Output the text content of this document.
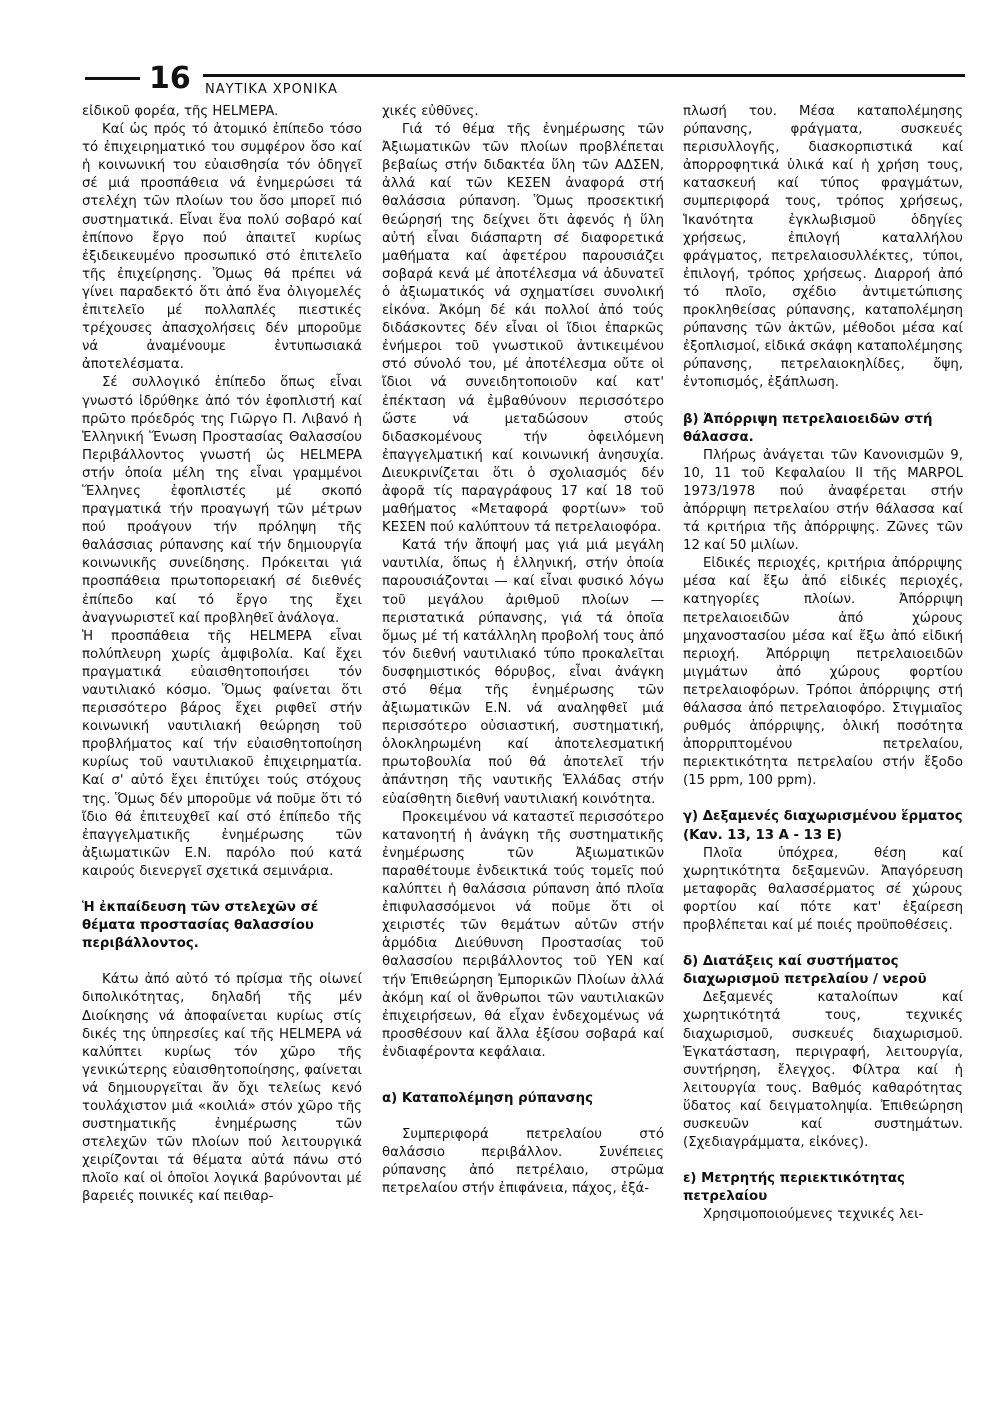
16 ΝΑΥΤΙΚΑ ΧΡΟΝΙΚΑ

εἰδικοῦ φορέα, τῆς HELMEPA.

Καί ὡς πρός τό ἀτομικό ἐπίπεδο τόσο τό ἐπιχειρηματικό του συμφέρον ὅσο καί ἡ κοινωνική του εὐαισθησία τόν ὁδηγεῖ σέ μιά προσπάθεια νά ἐνημερώσει τά στελέχη τῶν πλοίων του ὅσο μπορεῖ πιό συστηματικά. Εἶναι ἕνα πολύ σοβαρό καί ἐπίπονο ἔργο πού ἀπαιτεῖ κυρίως ἐξιδεικευμένο προσωπικό στό ἐπιτελεῖο τῆς ἐπιχείρησης. Ὅμως θά πρέπει νά γίνει παραδεκτό ὅτι ἀπό ἕνα ὀλιγομελές ἐπιτελεῖο μέ πολλαπλές πιεστικές τρέχουσες ἀπασχολήσεις δέν μποροῦμε νά ἀναμένουμε ἐντυπωσιακά ἀποτελέσματα.

Σέ συλλογικό ἐπίπεδο ὅπως εἶναι γνωστό ἱδρύθηκε ἀπό τόν ἐφοπλιστή καί πρῶτο πρόεδρός της Γιῶργο Π. Λιβανό ἡ Ἑλληνική Ἕνωση Προστασίας Θαλασσίου Περιβάλλοντος γνωστή ὡς HELMEPA στήν ὁποία μέλη της εἶναι γραμμένοι Ἕλληνες ἐφοπλιστές μέ σκοπό πραγματικά τήν προαγωγή τῶν μέτρων πού προάγουν τήν πρόληψη τῆς θαλάσσιας ρύπανσης καί τήν δημιουργία κοινωνικῆς συνείδησης. Πρόκειται γιά προσπάθεια πρωτοπορειακή σέ διεθνές ἐπίπεδο καί τό ἔργο της ἔχει ἀναγνωριστεῖ καί προβληθεῖ ἀνάλογα.

Ἡ προσπάθεια τῆς HELMEPA εἶναι πολύπλευρη χωρίς ἀμφιβολία. Καί ἔχει πραγματικά εὐαισθητοποιήσει τόν ναυτιλιακό κόσμο. Ὅμως φαίνεται ὅτι περισσότερο βάρος ἔχει ριφθεῖ στήν κοινωνική ναυτιλιακή θεώρηση τοῦ προβλήματος καί τήν εὐαισθητοποίηση κυρίως τοῦ ναυτιλιακοῦ ἐπιχειρηματία. Καί σ' αὐτό ἔχει ἐπιτύχει τούς στόχους της. Ὅμως δέν μποροῦμε νά ποῦμε ὅτι τό ἴδιο θά ἐπιτευχθεῖ καί στό ἐπίπεδο τῆς ἐπαγγελματικῆς ἐνημέρωσης τῶν ἀξιωματικῶν Ε.Ν. παρόλο πού κατά καιρούς διενεργεῖ σχετικά σεμινάρια.

Ἡ ἐκπαίδευση τῶν στελεχῶν σέ θέματα προστασίας θαλασσίου περιβάλλοντος.

Κάτω ἀπό αὐτό τό πρίσμα τῆς οἰωνεί διπολικότητας, δηλαδή τῆς μέν Διοίκησης νά ἀποφαίνεται κυρίως στίς δικές της ὑπηρεσίες καί τῆς HELMEPA νά καλύπτει κυρίως τόν χῶρο τῆς γενικώτερης εὐαισθητοποίησης, φαίνεται νά δημιουργεῖται ἄν ὄχι τελείως κενό τουλάχιστον μιά «κοιλιά» στόν χῶρο τῆς συστηματικῆς ἐνημέρωσης τῶν στελεχῶν τῶν πλοίων πού λειτουργικά χειρίζονται τά θέματα αὐτά πάνω στό πλοῖο καί οἱ ὁποῖοι λογικά βαρύνονται μέ βαρειές ποινικές καί πειθαρ-

χικές εὐθῦνες.

Γιά τό θέμα τῆς ἐνημέρωσης τῶν Ἀξιωματικῶν τῶν πλοίων προβλέπεται βεβαίως στήν διδακτέα ὕλη τῶν ΑΔΣΕΝ, ἀλλά καί τῶν ΚΕΣΕΝ ἀναφορά στή θαλάσσια ρύπανση. Ὅμως προσεκτική θεώρησή της δείχνει ὅτι ἀφενός ἡ ὕλη αὐτή εἶναι διάσπαρτη σέ διαφορετικά μαθήματα καί ἀφετέρου παρουσιάζει σοβαρά κενά μέ ἀποτέλεσμα νά ἀδυνατεῖ ὁ ἀξιωματικός νά σχηματίσει συνολική εἰκόνα. Ἀκόμη δέ κάι πολλοί ἀπό τούς διδάσκοντες δέν εἶναι οἱ ἴδιοι ἐπαρκῶς ἐνήμεροι τοῦ γνωστικοῦ ἀντικειμένου στό σύνολό του, μέ ἀποτέλεσμα οὔτε οἱ ἴδιοι νά συνειδητοποιοῦν καί κατ' ἐπέκταση νά ἐμβαθύνουν περισσότερο ὥστε νά μεταδώσουν στούς διδασκομένους τήν ὀφειλόμενη ἐπαγγελματική καί κοινωνική ἀνησυχία. Διευκρινίζεται ὅτι ὁ σχολιασμός δέν ἀφορᾶ τίς παραγράφους 17 καί 18 τοῦ μαθήματος «Μεταφορά φορτίων» τοῦ ΚΕΣΕΝ πού καλύπτουν τά πετρελαιοφόρα.

Κατά τήν ἄποψή μας γιά μιά μεγάλη ναυτιλία, ὅπως ἡ ἑλληνική, στήν ὁποία παρουσιάζονται — καί εἶναι φυσικό λόγω τοῦ μεγάλου ἀριθμοῦ πλοίων — περιστατικά ρύπανσης, γιά τά ὁποῖα ὅμως μέ τή κατάλληλη προβολή τους ἀπό τόν διεθνή ναυτιλιακό τύπο προκαλεῖται δυσφημιστικός θόρυβος, εἶναι ἀνάγκη στό θέμα τῆς ἐνημέρωσης τῶν ἀξιωματικῶν Ε.Ν. νά αναληφθεῖ μιά περισσότερο οὐσιαστική, συστηματική, ὁλοκληρωμένη καί ἀποτελεσματική πρωτοβουλία πού θά ἀποτελεῖ τήν ἀπάντηση τῆς ναυτικῆς Ἑλλάδας στήν εὐαίσθητη διεθνή ναυτιλιακή κοινότητα.

Προκειμένου νά καταστεῖ περισσότερο κατανοητή ἡ ἀνάγκη τῆς συστηματικῆς ἐνημέρωσης τῶν Ἀξιωματικῶν παραθέτουμε ἐνδεικτικά τούς τομεῖς πού καλύπτει ἡ θαλάσσια ρύπανση ἀπό πλοῖα ἐπιφυλασσόμενοι νά ποῦμε ὅτι οἱ χειριστές τῶν θεμάτων αὐτῶν στήν ἁρμόδια Διεύθυνση Προστασίας τοῦ θαλασσίου περιβάλλοντος τοῦ ΥΕΝ καί τήν Ἐπιθεώρηση Ἐμπορικῶν Πλοίων ἀλλά ἀκόμη καί οἱ ἄνθρωποι τῶν ναυτιλιακῶν ἐπιχειρήσεων, θά εἶχαν ἐνδεχομένως νά προσθέσουν καί ἄλλα ἐξίσου σοβαρά καί ἐνδιαφέροντα κεφάλαια.

α) Καταπολέμηση ρύπανσης

Συμπεριφορά πετρελαίου στό θαλάσσιο περιβάλλον. Συνέπειες ρύπανσης ἀπό πετρέλαιο, στρῶμα πετρελαίου στήν ἐπιφάνεια, πάχος, ἐξά-

πλωσή του. Μέσα καταπολέμησης ρύπανσης, φράγματα, συσκευές περισυλλογῆς, διασκορπιστικά καί ἀπορροφητικά ὑλικά καί ἡ χρήση τους, κατασκευή καί τύπος φραγμάτων, συμπεριφορά τους, τρόπος χρήσεως, Ἱκανότητα ἐγκλωβισμοῦ ὁδηγίες χρήσεως, ἐπιλογή καταλλήλου φράγματος, πετρελαιοσυλλέκτες, τύποι, ἐπιλογή, τρόπος χρήσεως. Διαρροή ἀπό τό πλοῖο, σχέδιο ἀντιμετώπισης προκληθείσας ρύπανσης, καταπολέμηση ρύπανσης τῶν ἀκτῶν, μέθοδοι μέσα καί ἐξοπλισμοί, εἰδικά σκάφη καταπολέμησης ρύπανσης, πετρελαιοκηλίδες, ὄψη, ἐντοπισμός, ἐξάπλωση.

β) Ἀπόρριψη πετρελαιοειδῶν στή θάλασσα.

Πλήρως ἀνάγεται τῶν Κανονισμῶν 9, 10, 11 τοῦ Κεφαλαίου II τῆς MARPOL 1973/1978 πού ἀναφέρεται στήν ἀπόρριψη πετρελαίου στήν θάλασσα καί τά κριτήρια τῆς ἀπόρριψης. Ζῶνες τῶν 12 καί 50 μιλίων.

Εἰδικές περιοχές, κριτήρια ἀπόρριψης μέσα καί ἔξω ἀπό εἰδικές περιοχές, κατηγορίες πλοίων. Ἀπόρριψη πετρελαιοειδῶν ἀπό χώρους μηχανοστασίου μέσα καί ἔξω ἀπό εἰδική περιοχή. Ἀπόρριψη πετρελαιοειδῶν μιγμάτων ἀπό χώρους φορτίου πετρελαιοφόρων. Τρόποι ἀπόρριψης στή θάλασσα ἀπό πετρελαιοφόρο. Στιγμιαῖος ρυθμός ἀπόρριψης, ὁλική ποσότητα ἀπορριπτομένου πετρελαίου, περιεκτικότητα πετρελαίου στήν ἔξοδο (15 ppm, 100 ppm).

γ) Δεξαμενές διαχωρισμένου ἕρματος (Καν. 13, 13 Α - 13 Ε)

Πλοῖα ὑπόχρεα, θέση καί χωρητικότητα δεξαμενῶν. Ἀπαγόρευση μεταφορᾶς θαλασσέρματος σέ χώρους φορτίου καί πότε κατ' ἐξαίρεση προβλέπεται καί μέ ποιές προϋποθέσεις.

δ) Διατάξεις καί συστήματος διαχωρισμοῦ πετρελαίου / νεροῦ

Δεξαμενές καταλοίπων καί χωρητικότητά τους, τεχνικές διαχωρισμοῦ, συσκευές διαχωρισμοῦ. Ἐγκατάσταση, περιγραφή, λειτουργία, συντήρηση, ἔλεγχος. Φίλτρα καί ἡ λειτουργία τους. Βαθμός καθαρότητας ὕδατος καί δειγματοληψία. Ἐπιθεώρηση συσκευῶν καί συστημάτων. (Σχεδιαγράμματα, εἰκόνες).

ε) Μετρητής περιεκτικότητας πετρελαίου

Χρησιμοποιούμενες τεχνικές λει-
